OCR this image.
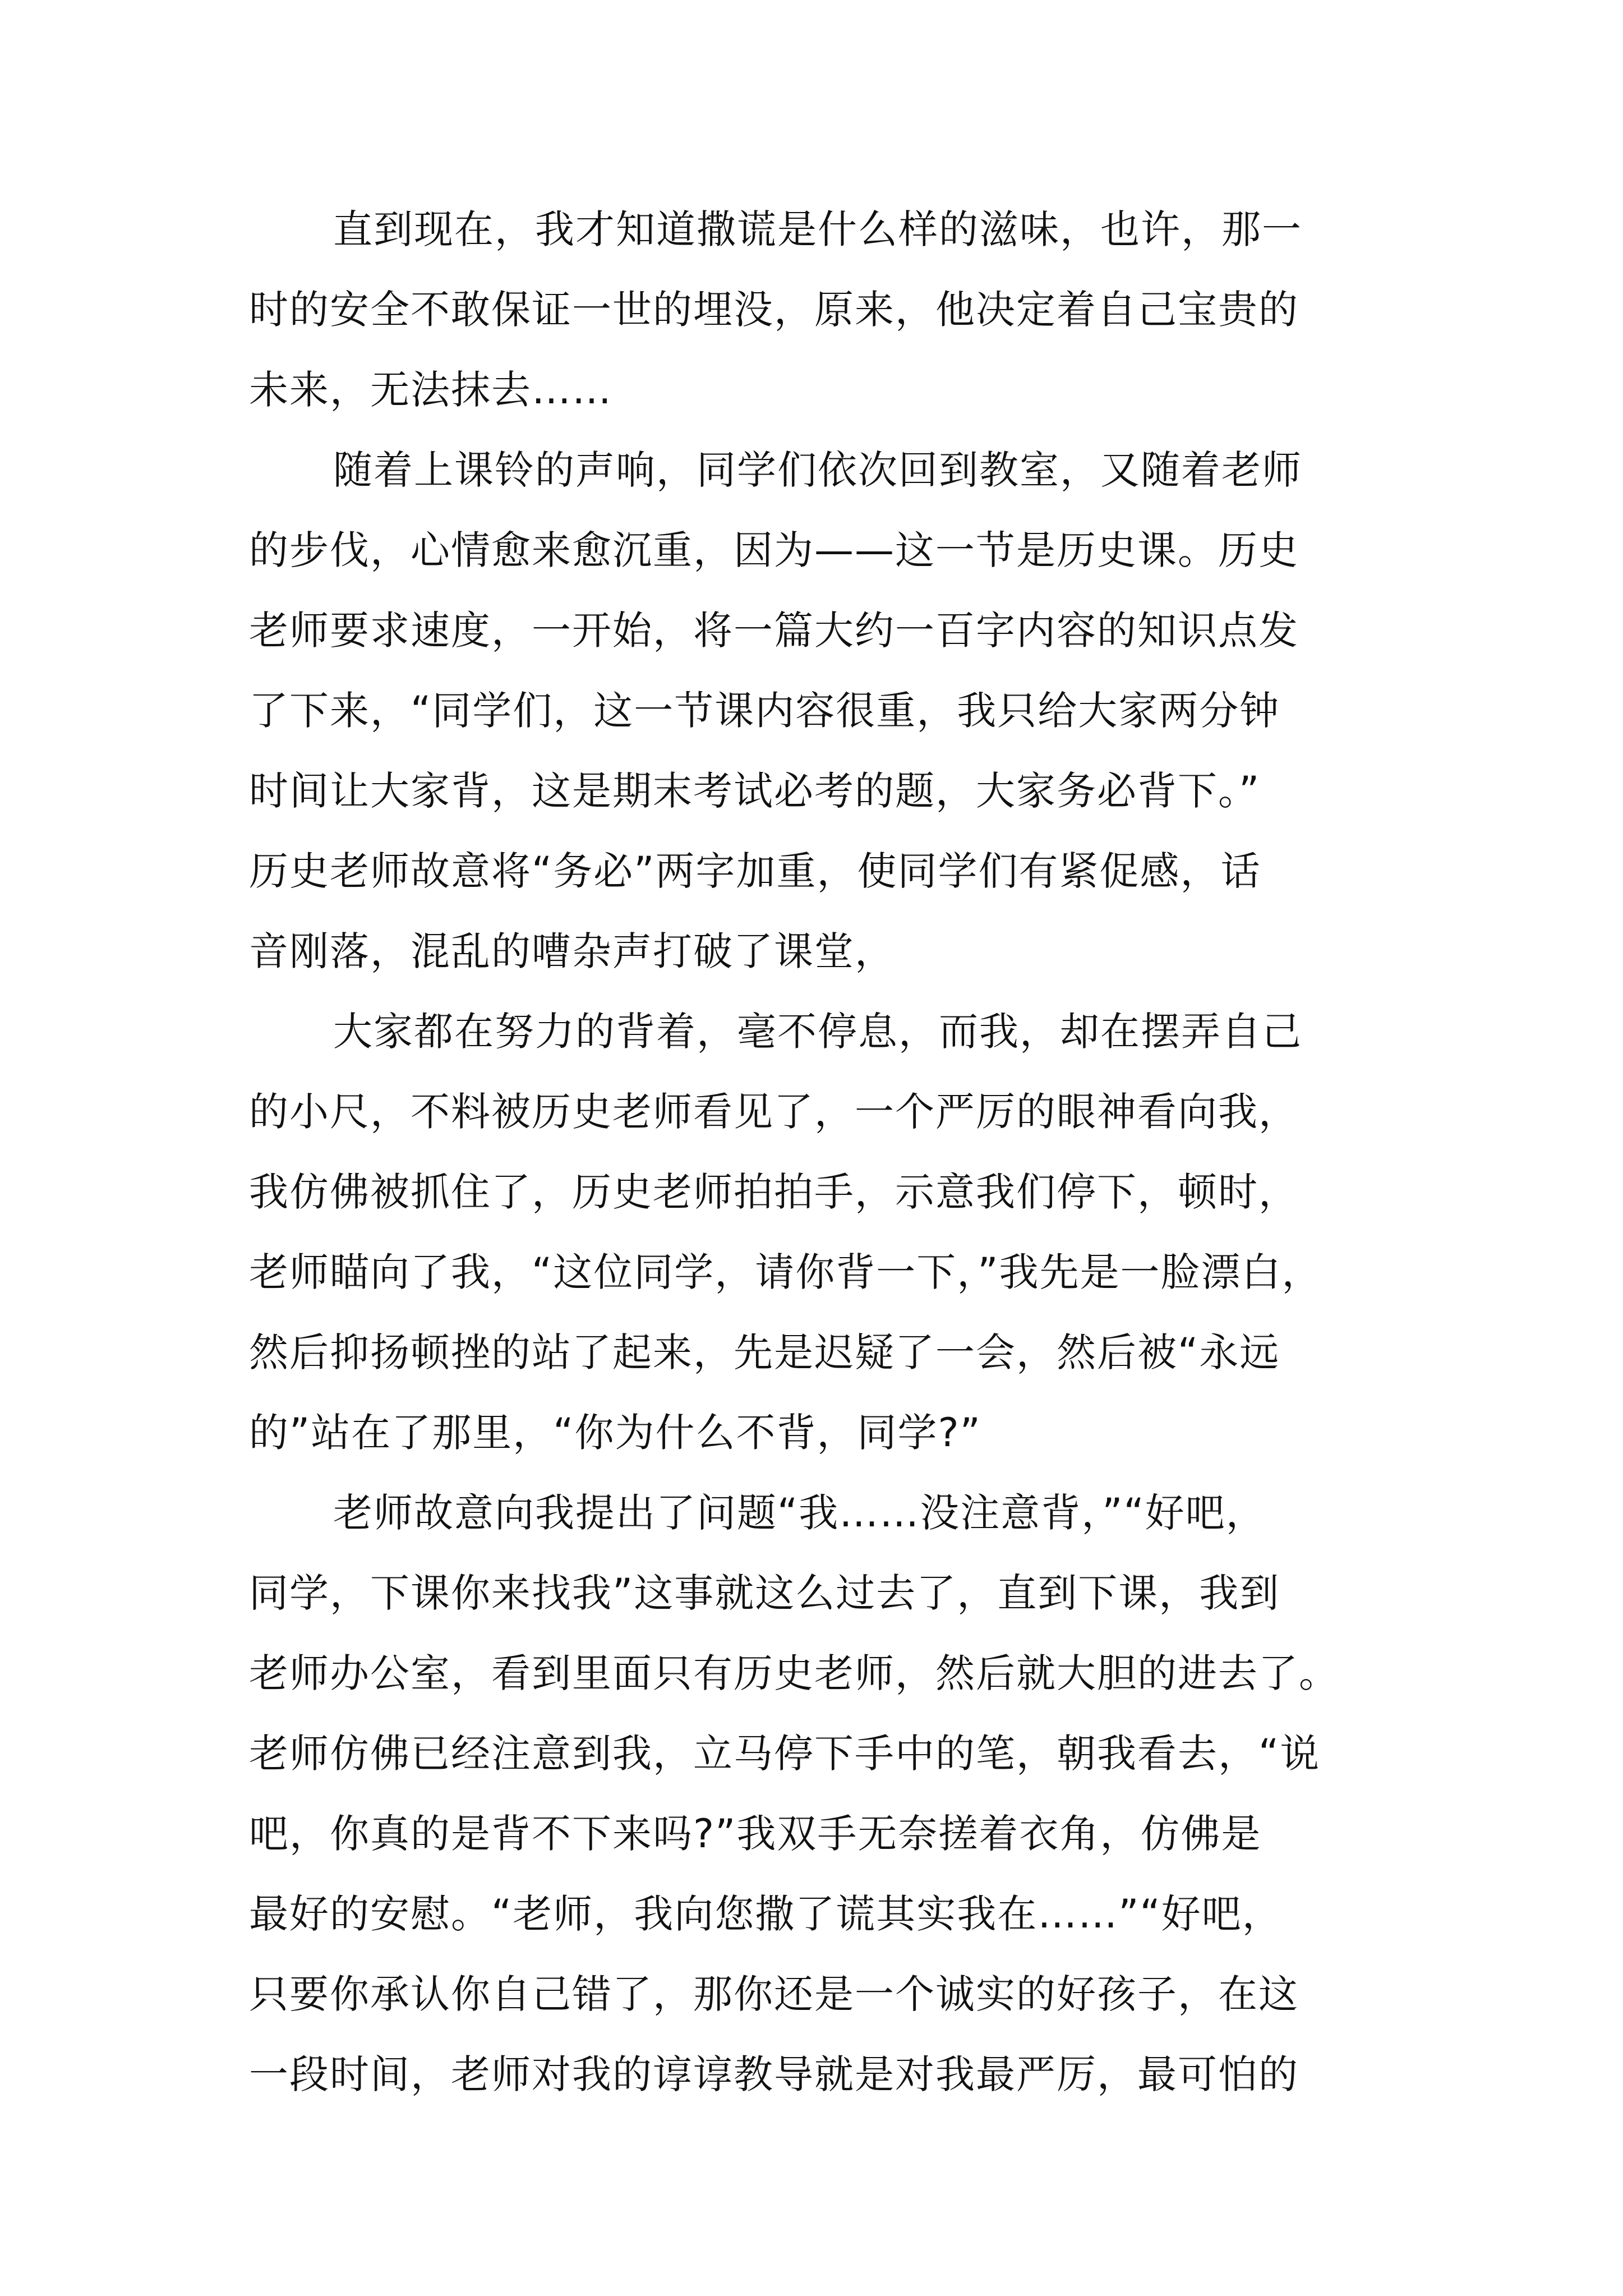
直到现在，我才知道撒谎是什么样的滋味，也许，那一
时的安全不敢保证一世的埋没，原来，他决定着自己宝贵的
未来，无法抹去……

随着上课铃的声响，同学们依次回到教室，又随着老师
的步伐，心情愈来愈沉重，因为——这一节是历史课。历史
老师要求速度，一开始，将一篇大约一百字内容的知识点发
了下来，“同学们，这一节课内容很重，我只给大家两分钟
时间让大家背，这是期末考试必考的题，大家务必背下。”
历史老师故意将“务必”两字加重，使同学们有紧促感，话
音刚落，混乱的嘈杂声打破了课堂，

大家都在努力的背着，毫不停息，而我，却在摆弄自己
的小尺，不料被历史老师看见了，一个严厉的眼神看向我，
我仿佛被抓住了，历史老师拍拍手，示意我们停下，顿时，
老师瞄向了我，“这位同学，请你背一下，”我先是一脸漂白，
然后抑扬顿挫的站了起来，先是迟疑了一会，然后被“永远
的”站在了那里，“你为什么不背，同学?”

老师故意向我提出了问题“我……没注意背，”“好吧，
同学，下课你来找我”这事就这么过去了，直到下课，我到
老师办公室，看到里面只有历史老师，然后就大胆的进去了。
老师仿佛已经注意到我，立马停下手中的笔，朝我看去，“说
吧，你真的是背不下来吗?”我双手无奈搓着衣角，仿佛是
最好的安慰。“老师，我向您撒了谎其实我在……”“好吧，
只要你承认你自己错了，那你还是一个诚实的好孩子，在这
一段时间，老师对我的谆谆教导就是对我最严厉，最可怕的
